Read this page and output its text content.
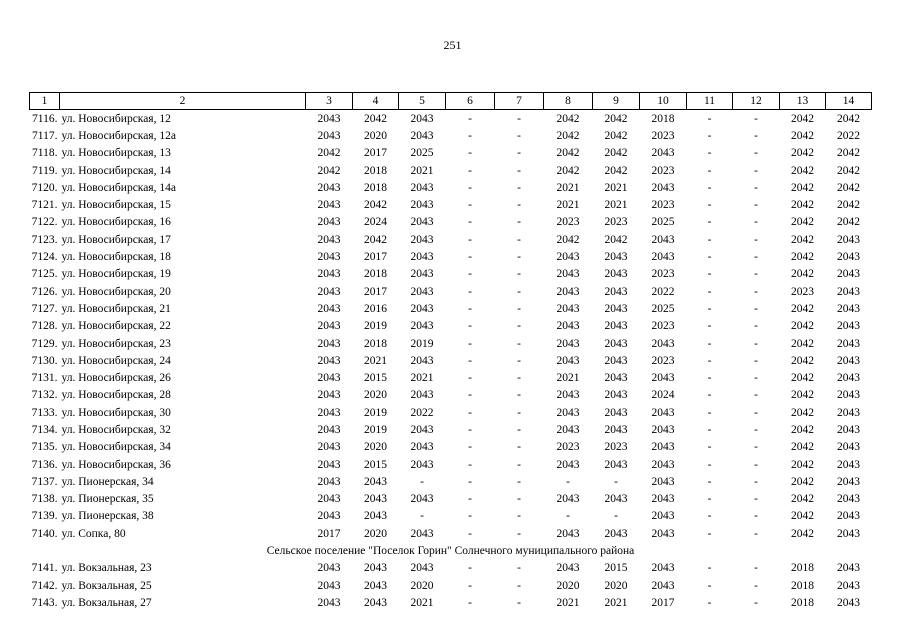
251
1	2	3	4	5	6	7	8	9	10	11	12	13	14
7116.	ул. Новосибирская, 12	2043	2042	2043	-	-	2042	2042	2018	-	-	2042	2042
7117.	ул. Новосибирская, 12а	2043	2020	2043	-	-	2042	2042	2023	-	-	2042	2022
7118.	ул. Новосибирская, 13	2042	2017	2025	-	-	2042	2042	2043	-	-	2042	2042
7119.	ул. Новосибирская, 14	2042	2018	2021	-	-	2042	2042	2023	-	-	2042	2042
7120.	ул. Новосибирская, 14а	2043	2018	2043	-	-	2021	2021	2043	-	-	2042	2042
7121.	ул. Новосибирская, 15	2043	2042	2043	-	-	2021	2021	2023	-	-	2042	2042
7122.	ул. Новосибирская, 16	2043	2024	2043	-	-	2023	2023	2025	-	-	2042	2042
7123.	ул. Новосибирская, 17	2043	2042	2043	-	-	2042	2042	2043	-	-	2042	2043
7124.	ул. Новосибирская, 18	2043	2017	2043	-	-	2043	2043	2043	-	-	2042	2043
7125.	ул. Новосибирская, 19	2043	2018	2043	-	-	2043	2043	2023	-	-	2042	2043
7126.	ул. Новосибирская, 20	2043	2017	2043	-	-	2043	2043	2022	-	-	2023	2043
7127.	ул. Новосибирская, 21	2043	2016	2043	-	-	2043	2043	2025	-	-	2042	2043
7128.	ул. Новосибирская, 22	2043	2019	2043	-	-	2043	2043	2023	-	-	2042	2043
7129.	ул. Новосибирская, 23	2043	2018	2019	-	-	2043	2043	2043	-	-	2042	2043
7130.	ул. Новосибирская, 24	2043	2021	2043	-	-	2043	2043	2023	-	-	2042	2043
7131.	ул. Новосибирская, 26	2043	2015	2021	-	-	2021	2043	2043	-	-	2042	2043
7132.	ул. Новосибирская, 28	2043	2020	2043	-	-	2043	2043	2024	-	-	2042	2043
7133.	ул. Новосибирская, 30	2043	2019	2022	-	-	2043	2043	2043	-	-	2042	2043
7134.	ул. Новосибирская, 32	2043	2019	2043	-	-	2043	2043	2043	-	-	2042	2043
7135.	ул. Новосибирская, 34	2043	2020	2043	-	-	2023	2023	2043	-	-	2042	2043
7136.	ул. Новосибирская, 36	2043	2015	2043	-	-	2043	2043	2043	-	-	2042	2043
7137.	ул. Пионерская, 34	2043	2043	-	-	-	-	-	2043	-	-	2042	2043
7138.	ул. Пионерская, 35	2043	2043	2043	-	-	2043	2043	2043	-	-	2042	2043
7139.	ул. Пионерская, 38	2043	2043	-	-	-	-	-	2043	-	-	2042	2043
7140.	ул. Сопка, 80	2017	2020	2043	-	-	2043	2043	2043	-	-	2042	2043
Сельское поселение "Поселок Горин" Солнечного муниципального района													
7141.	ул. Вокзальная, 23	2043	2043	2043	-	-	2043	2015	2043	-	-	2018	2043
7142.	ул. Вокзальная, 25	2043	2043	2020	-	-	2020	2020	2043	-	-	2018	2043
7143.	ул. Вокзальная, 27	2043	2043	2021	-	-	2021	2021	2017	-	-	2018	2043
